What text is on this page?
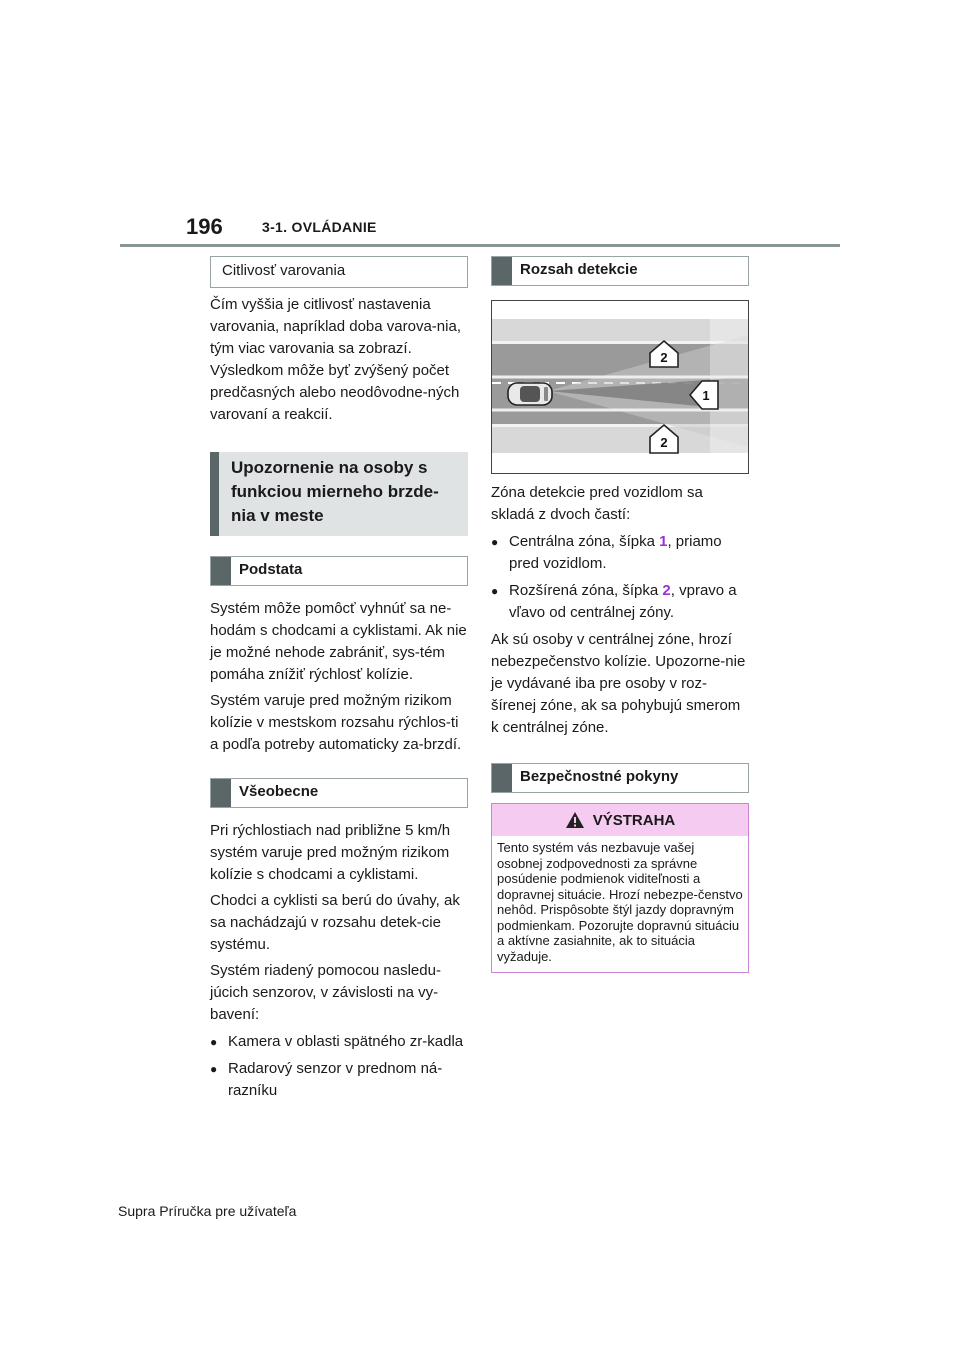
196	3-1. OVLÁDANIE
Citlivosť varovania

Čím vyššia je citlivosť nastavenia varovania, napríklad doba varova-nia, tým viac varovania sa zobrazí. Výsledkom môže byť zvýšený počet predčasných alebo neodôvodne-ných varovaní a reakcií.

Upozornenie na osoby s funkciou mierneho brzde-nia v meste
Podstata

Systém môže pomôcť vyhnúť sa ne-hodám s chodcami a cyklistami. Ak nie je možné nehode zabrániť, sys-tém pomáha znížiť rýchlosť kolízie.

Systém varuje pred možným rizikom kolízie v mestskom rozsahu rýchlos-ti a podľa potreby automaticky za-brzdí.

Všeobecne

Pri rýchlostiach nad približne 5 km/h systém varuje pred možným rizikom kolízie s chodcami a cyklistami.

Chodci a cyklisti sa berú do úvahy, ak sa nachádzajú v rozsahu detek-cie systému.

Systém riadený pomocou nasledu-júcich senzorov, v závislosti na vy-bavení:

● Kamera v oblasti spätného zr-kadla
● Radarový senzor v prednom ná-razníku
Rozsah detekcie
2
1
2

Zóna detekcie pred vozidlom sa skladá z dvoch častí:

● Centrálna zóna, šípka 1, priamo pred vozidlom.
● Rozšírená zóna, šípka 2, vpravo a vľavo od centrálnej zóny.

Ak sú osoby v centrálnej zóne, hrozí nebezpečenstvo kolízie. Upozorne-nie je vydávané iba pre osoby v roz-šírenej zóne, ak sa pohybujú smerom k centrálnej zóne.

Bezpečnostné pokyny
VÝSTRAHA
Tento systém vás nezbavuje vašej osobnej zodpovednosti za správne posúdenie podmienok viditeľnosti a dopravnej situácie. Hrozí nebezpe-čenstvo nehôd. Prispôsobte štýl jazdy dopravným podmienkam. Pozorujte dopravnú situáciu a aktívne zasiahnite, ak to situácia vyžaduje.
Supra Príručka pre užívateľa
